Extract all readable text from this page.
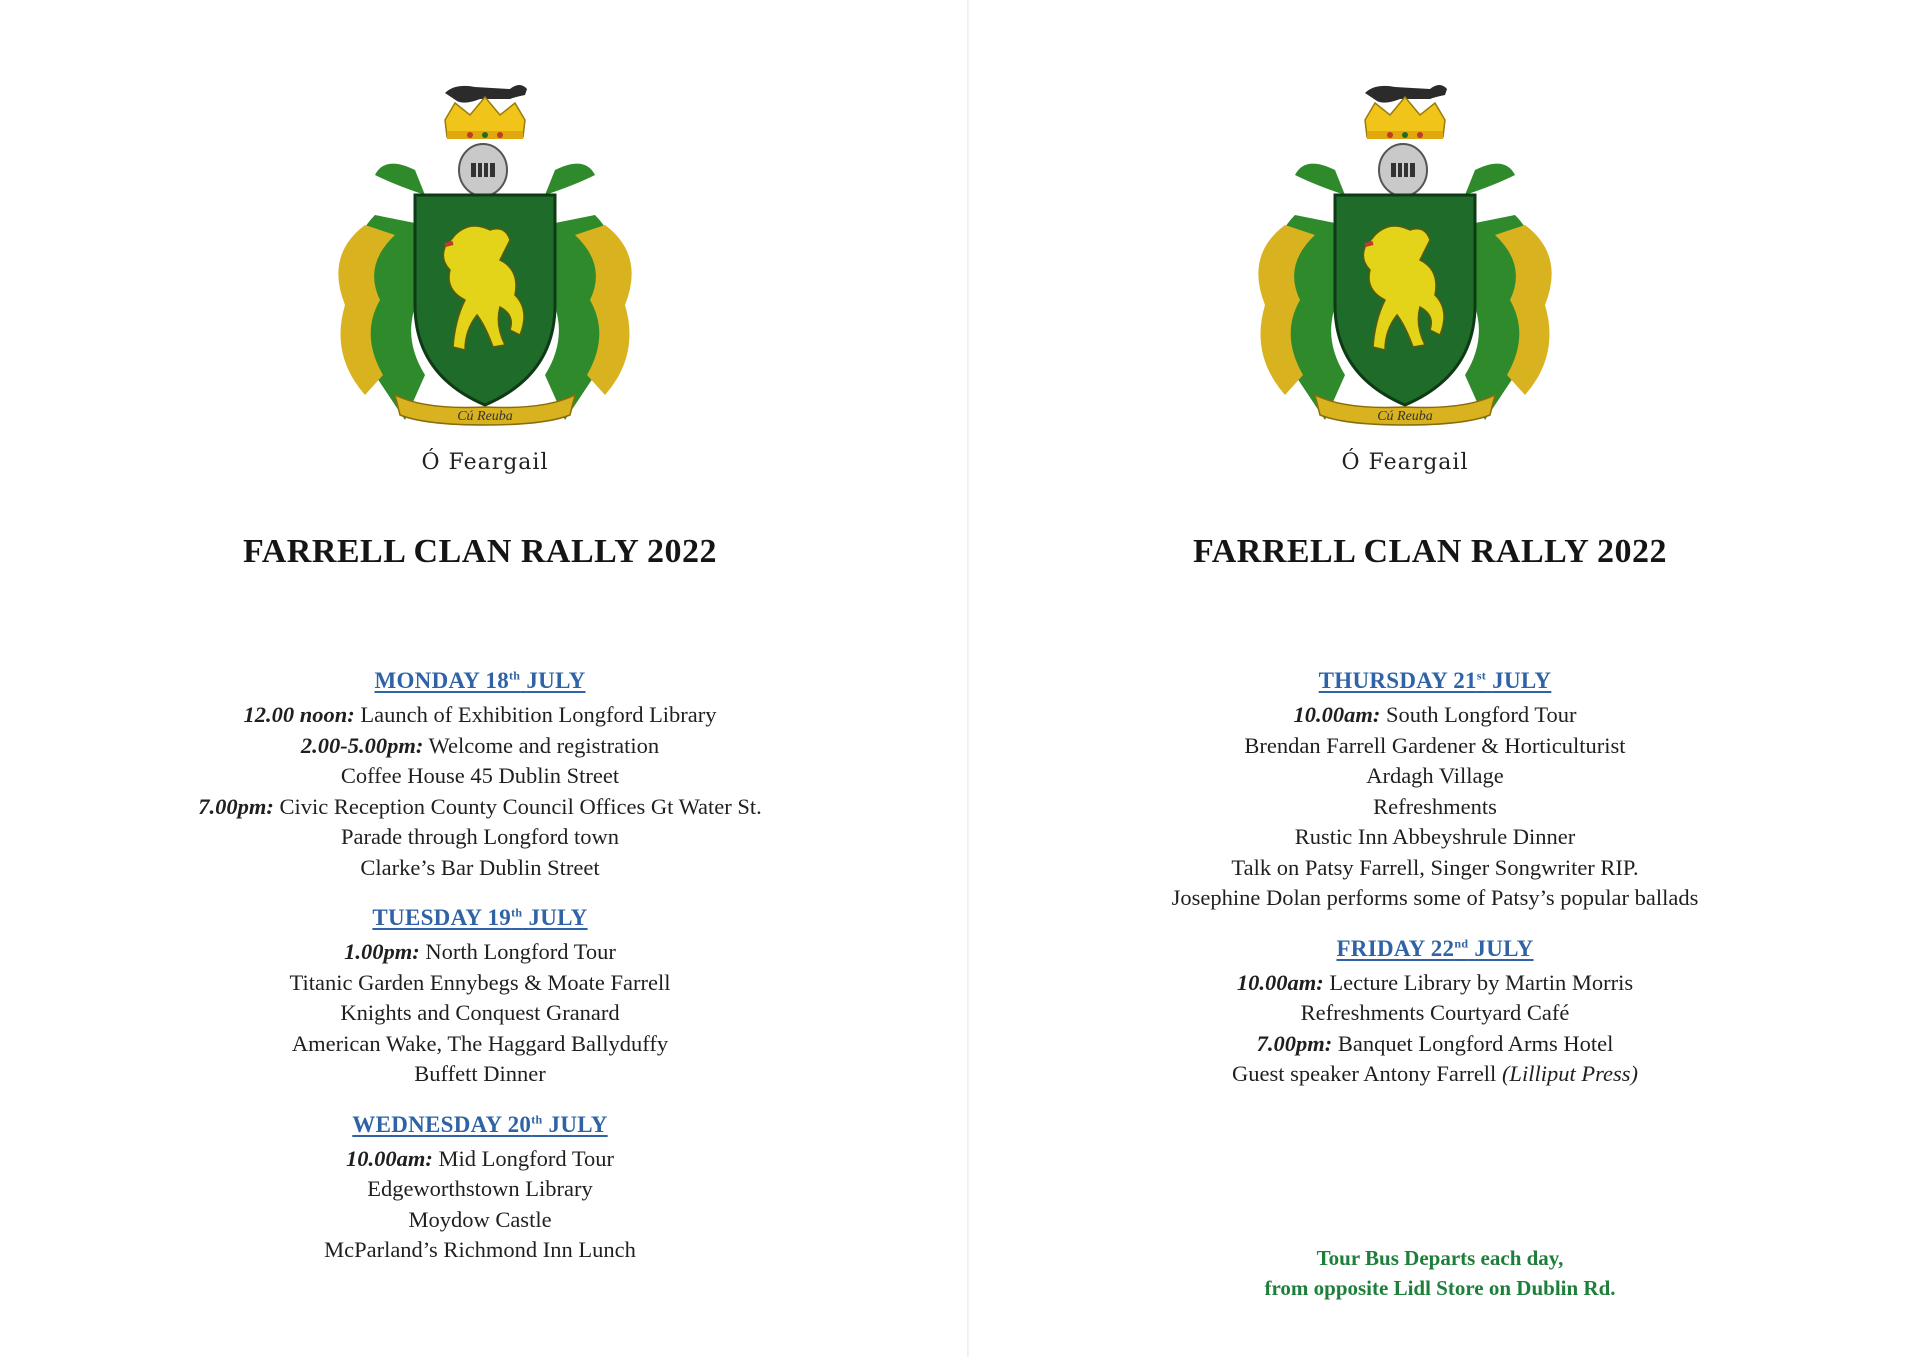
Cú Reuba
Ó Feargail
FARRELL CLAN RALLY 2022
MONDAY 18th JULY
12.00 noon: Launch of Exhibition Longford Library
2.00-5.00pm: Welcome and registration
Coffee House 45 Dublin Street
7.00pm: Civic Reception County Council Offices Gt Water St.
Parade through Longford town
Clarke’s Bar Dublin Street
TUESDAY 19th JULY
1.00pm: North Longford Tour
Titanic Garden Ennybegs & Moate Farrell
Knights and Conquest Granard
American Wake, The Haggard Ballyduffy
Buffett Dinner
WEDNESDAY 20th JULY
10.00am: Mid Longford Tour
Edgeworthstown Library
Moydow Castle
McParland’s Richmond Inn Lunch
Cú Reuba
Ó Feargail
FARRELL CLAN RALLY 2022
THURSDAY 21st JULY
10.00am: South Longford Tour
Brendan Farrell Gardener & Horticulturist
Ardagh Village
Refreshments
Rustic Inn Abbeyshrule Dinner
Talk on Patsy Farrell, Singer Songwriter RIP.
Josephine Dolan performs some of Patsy’s popular ballads
FRIDAY 22nd JULY
10.00am: Lecture Library by Martin Morris
Refreshments Courtyard Café
7.00pm: Banquet Longford Arms Hotel
Guest speaker Antony Farrell (Lilliput Press)
Tour Bus Departs each day,
from opposite Lidl Store on Dublin Rd.
